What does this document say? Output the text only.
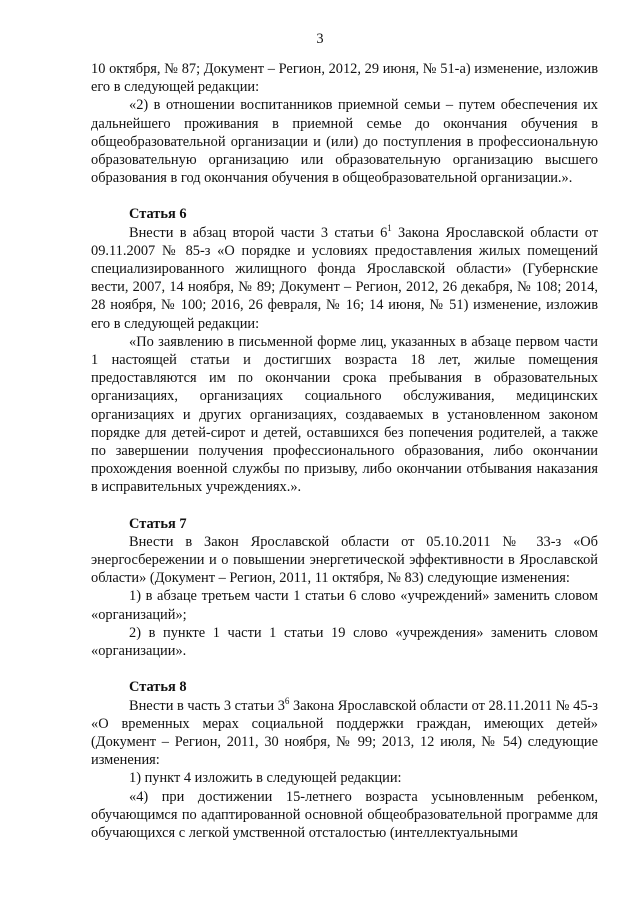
3

10 октября, № 87; Документ – Регион, 2012, 29 июня, № 51-а) изменение, изложив его в следующей редакции:

«2) в отношении воспитанников приемной семьи – путем обеспечения их дальнейшего проживания в приемной семье до окончания обучения в общеобразовательной организации и (или) до поступления в профессиональную образовательную организацию или образовательную организацию высшего образования в год окончания обучения в общеобразовательной организации.».

Статья 6

Внести в абзац второй части 3 статьи $6^1$ Закона Ярославской области от 09.11.2007 № 85-з «О порядке и условиях предоставления жилых помещений специализированного жилищного фонда Ярославской области» (Губернские вести, 2007, 14 ноября, № 89; Документ – Регион, 2012, 26 декабря, № 108; 2014, 28 ноября, № 100; 2016, 26 февраля, № 16; 14 июня, № 51) изменение, изложив его в следующей редакции:

«По заявлению в письменной форме лиц, указанных в абзаце первом части 1 настоящей статьи и достигших возраста 18 лет, жилые помещения предоставляются им по окончании срока пребывания в образовательных организациях, организациях социального обслуживания, медицинских организациях и других организациях, создаваемых в установленном законом порядке для детей-сирот и детей, оставшихся без попечения родителей, а также по завершении получения профессионального образования, либо окончании прохождения военной службы по призыву, либо окончании отбывания наказания в исправительных учреждениях.».

Статья 7

Внести в Закон Ярославской области от 05.10.2011 № 33-з «Об энергосбережении и о повышении энергетической эффективности в Ярославской области» (Документ – Регион, 2011, 11 октября, № 83) следующие изменения:

1) в абзаце третьем части 1 статьи 6 слово «учреждений» заменить словом «организаций»;

2) в пункте 1 части 1 статьи 19 слово «учреждения» заменить словом «организации».

Статья 8

Внести в часть 3 статьи $3^6$ Закона Ярославской области от 28.11.2011 № 45-з «О временных мерах социальной поддержки граждан, имеющих детей» (Документ – Регион, 2011, 30 ноября, № 99; 2013, 12 июля, № 54) следующие изменения:

1) пункт 4 изложить в следующей редакции:

«4) при достижении 15-летнего возраста усыновленным ребенком, обучающимся по адаптированной основной общеобразовательной программе для обучающихся с легкой умственной отсталостью (интеллектуальными
